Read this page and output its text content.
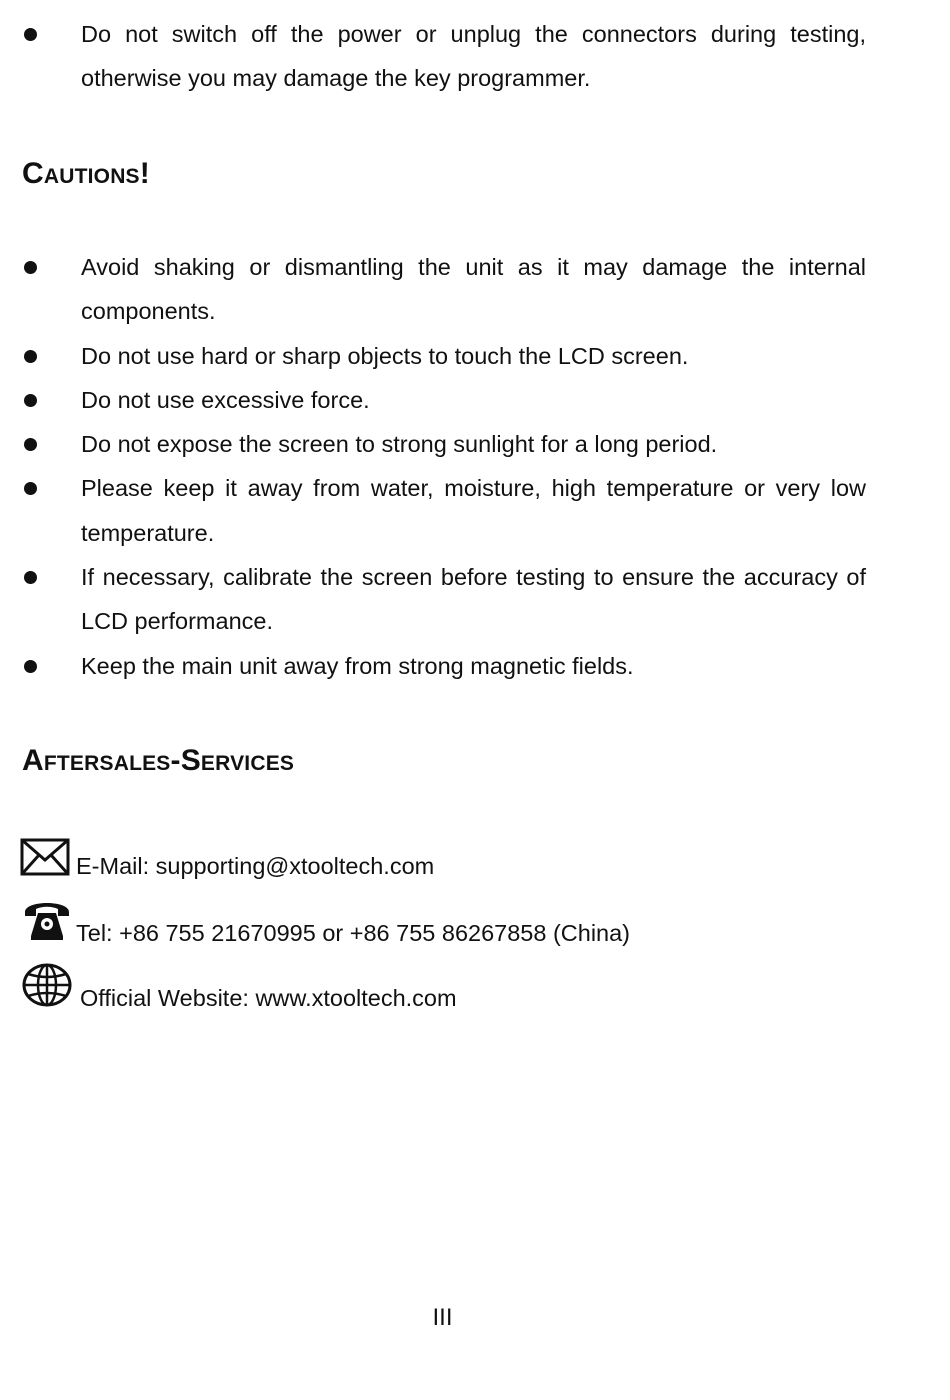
Do not switch off the power or unplug the connectors during testing, otherwise you may damage the key programmer.
Cautions!
Avoid shaking or dismantling the unit as it may damage the internal components.
Do not use hard or sharp objects to touch the LCD screen.
Do not use excessive force.
Do not expose the screen to strong sunlight for a long period.
Please keep it away from water, moisture, high temperature or very low temperature.
If necessary, calibrate the screen before testing to ensure the accuracy of LCD performance.
Keep the main unit away from strong magnetic fields.
Aftersales-Services
E-Mail: supporting@xtooltech.com
Tel: +86 755 21670995 or +86 755 86267858 (China)
Official Website: www.xtooltech.com
III
